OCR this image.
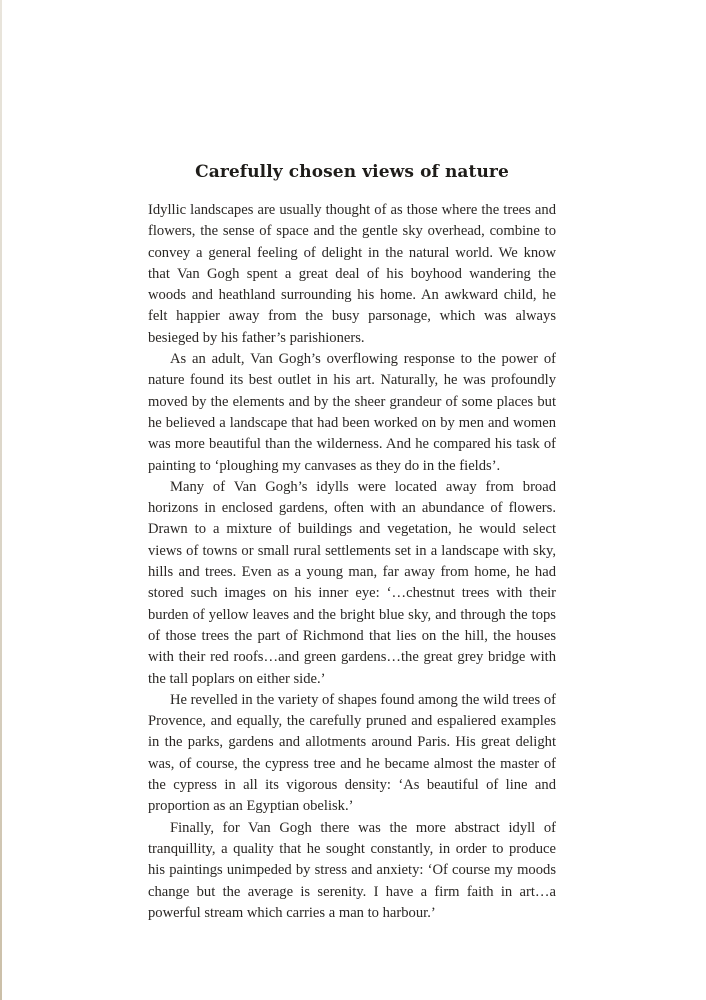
Carefully chosen views of nature

Idyllic landscapes are usually thought of as those where the trees and flowers, the sense of space and the gentle sky overhead, combine to convey a general feeling of delight in the natural world. We know that Van Gogh spent a great deal of his boyhood wandering the woods and heathland surrounding his home. An awkward child, he felt happier away from the busy parsonage, which was always besieged by his father’s parishioners.

As an adult, Van Gogh’s overflowing response to the power of nature found its best outlet in his art. Naturally, he was profoundly moved by the elements and by the sheer grandeur of some places but he believed a landscape that had been worked on by men and women was more beautiful than the wilderness. And he compared his task of painting to ‘ploughing my canvases as they do in the fields’.

Many of Van Gogh’s idylls were located away from broad horizons in enclosed gardens, often with an abundance of flowers. Drawn to a mixture of buildings and vegetation, he would select views of towns or small rural settlements set in a landscape with sky, hills and trees. Even as a young man, far away from home, he had stored such images on his inner eye: ‘…chestnut trees with their burden of yellow leaves and the bright blue sky, and through the tops of those trees the part of Richmond that lies on the hill, the houses with their red roofs…and green gardens…the great grey bridge with the tall poplars on either side.’

He revelled in the variety of shapes found among the wild trees of Provence, and equally, the carefully pruned and espaliered examples in the parks, gardens and allotments around Paris. His great delight was, of course, the cypress tree and he became almost the master of the cypress in all its vigorous density: ‘As beautiful of line and proportion as an Egyptian obelisk.’

Finally, for Van Gogh there was the more abstract idyll of tranquillity, a quality that he sought constantly, in order to produce his paintings unimpeded by stress and anxiety: ‘Of course my moods change but the average is serenity. I have a firm faith in art…a powerful stream which carries a man to harbour.’
